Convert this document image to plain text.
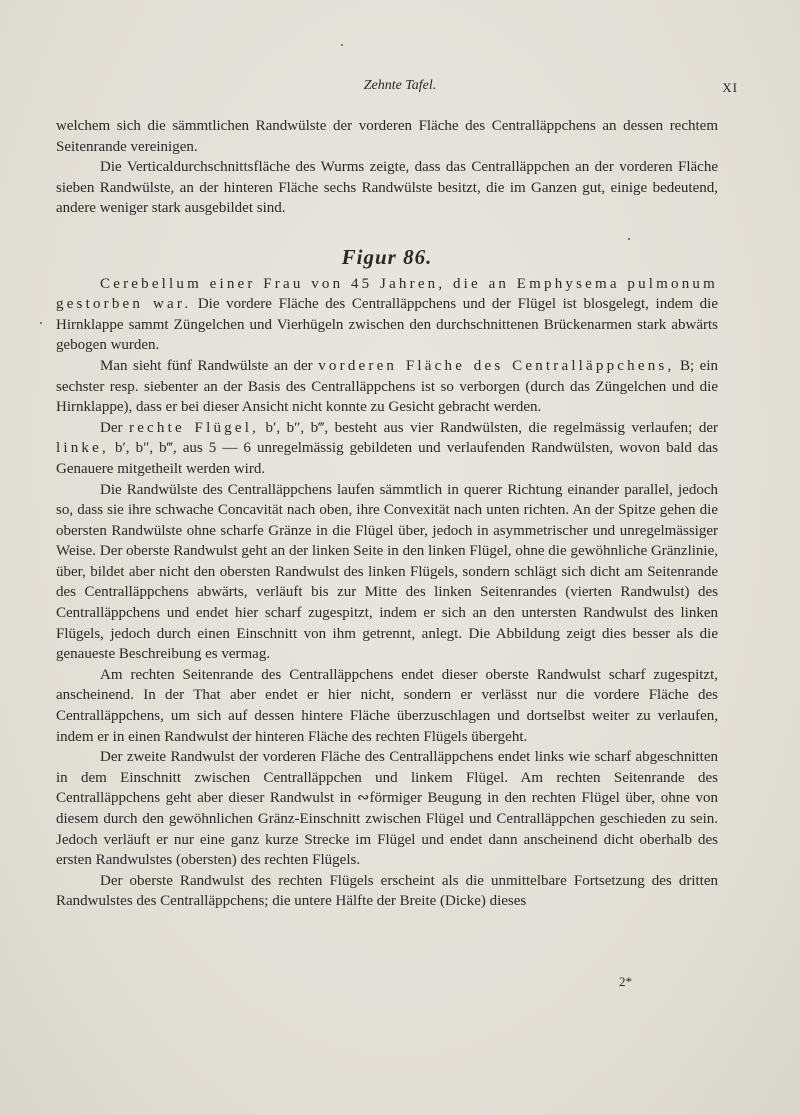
Zehnte Tafel.	XI

welchem sich die sämmtlichen Randwülste der vorderen Fläche des Centralläppchens an dessen rechtem Seitenrande vereinigen.

Die Verticaldurchschnittsfläche des Wurms zeigte, dass das Centralläppchen an der vorderen Fläche sieben Randwülste, an der hinteren Fläche sechs Randwülste besitzt, die im Ganzen gut, einige bedeutend, andere weniger stark ausgebildet sind.

Figur 86.

Cerebellum einer Frau von 45 Jahren, die an Emphysema pulmonum gestorben war. Die vordere Fläche des Centralläppchens und der Flügel ist blosgelegt, indem die Hirnklappe sammt Züngelchen und Vierhügeln zwischen den durchschnittenen Brückenarmen stark abwärts gebogen wurden.

Man sieht fünf Randwülste an der vorderen Fläche des Centralläppchens, B; ein sechster resp. siebenter an der Basis des Centralläppchens ist so verborgen (durch das Züngelchen und die Hirnklappe), dass er bei dieser Ansicht nicht konnte zu Gesicht gebracht werden.

Der rechte Flügel, b′, b″, b‴, besteht aus vier Randwülsten, die regelmässig verlaufen; der linke, b′, b″, b‴, aus 5 — 6 unregelmässig gebildeten und verlaufenden Randwülsten, wovon bald das Genauere mitgetheilt werden wird.

Die Randwülste des Centralläppchens laufen sämmtlich in querer Richtung einander parallel, jedoch so, dass sie ihre schwache Concavität nach oben, ihre Convexität nach unten richten. An der Spitze gehen die obersten Randwülste ohne scharfe Gränze in die Flügel über, jedoch in asymmetrischer und unregelmässiger Weise. Der oberste Randwulst geht an der linken Seite in den linken Flügel, ohne die gewöhnliche Gränzlinie, über, bildet aber nicht den obersten Randwulst des linken Flügels, sondern schlägt sich dicht am Seitenrande des Centralläppchens abwärts, verläuft bis zur Mitte des linken Seitenrandes (vierten Randwulst) des Centralläppchens und endet hier scharf zugespitzt, indem er sich an den untersten Randwulst des linken Flügels, jedoch durch einen Einschnitt von ihm getrennt, anlegt. Die Abbildung zeigt dies besser als die genaueste Beschreibung es vermag.

Am rechten Seitenrande des Centralläppchens endet dieser oberste Randwulst scharf zugespitzt, anscheinend. In der That aber endet er hier nicht, sondern er verlässt nur die vordere Fläche des Centralläppchens, um sich auf dessen hintere Fläche überzuschlagen und dortselbst weiter zu verlaufen, indem er in einen Randwulst der hinteren Fläche des rechten Flügels übergeht.

Der zweite Randwulst der vorderen Fläche des Centralläppchens endet links wie scharf abgeschnitten in dem Einschnitt zwischen Centralläppchen und linkem Flügel. Am rechten Seitenrande des Centralläppchens geht aber dieser Randwulst in ∾förmiger Beugung in den rechten Flügel über, ohne von diesem durch den gewöhnlichen Gränz-Einschnitt zwischen Flügel und Centralläppchen geschieden zu sein. Jedoch verläuft er nur eine ganz kurze Strecke im Flügel und endet dann anscheinend dicht oberhalb des ersten Randwulstes (obersten) des rechten Flügels.

Der oberste Randwulst des rechten Flügels erscheint als die unmittelbare Fortsetzung des dritten Randwulstes des Centralläppchens; die untere Hälfte der Breite (Dicke) dieses

2*
